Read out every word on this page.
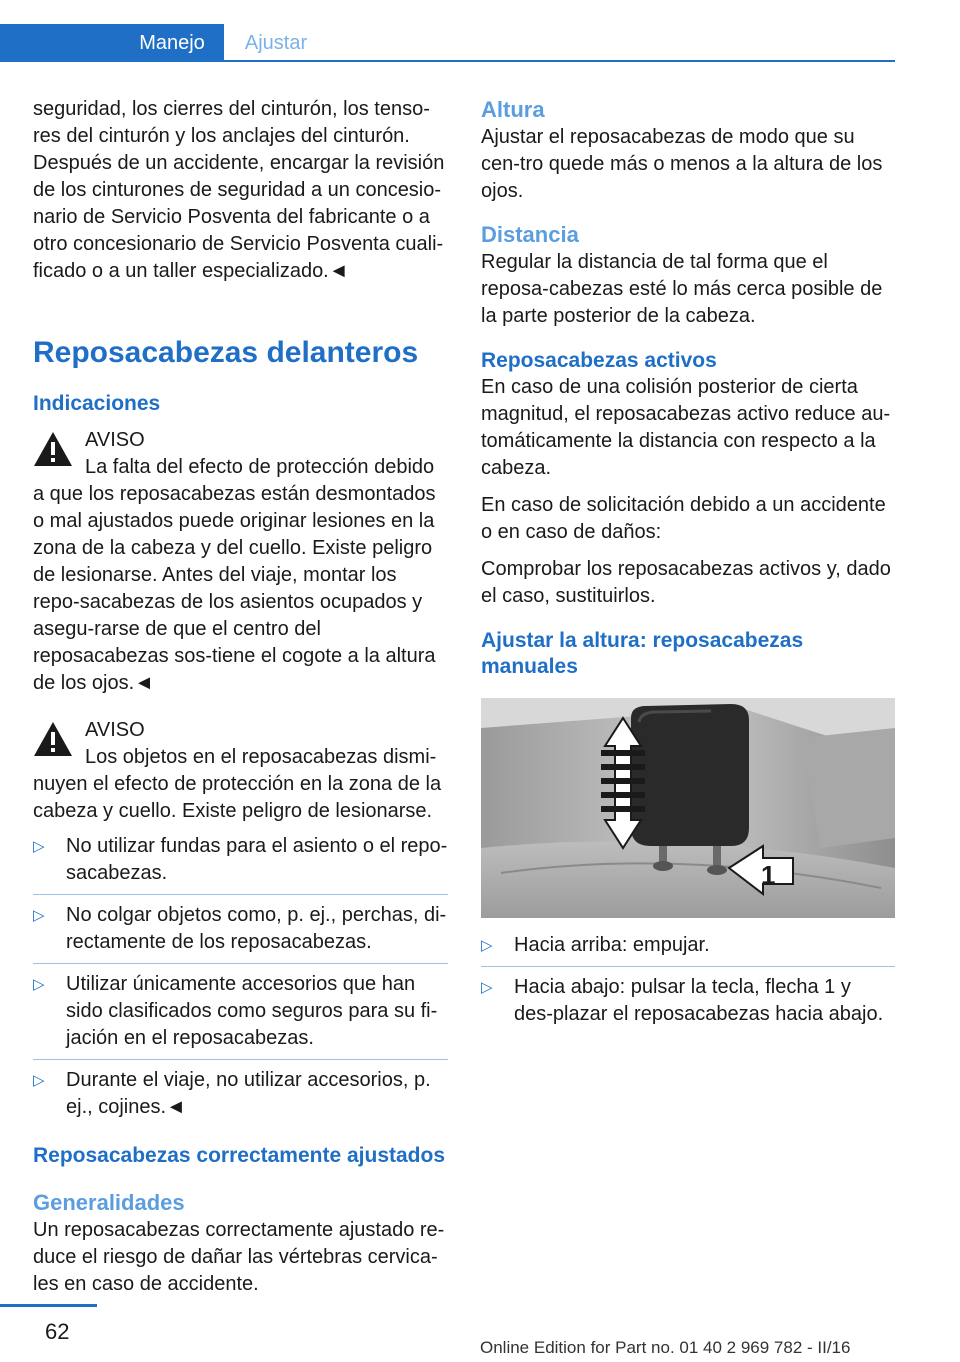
Manejo	Ajustar

seguridad, los cierres del cinturón, los tenso-res del cinturón y los anclajes del cinturón. Después de un accidente, encargar la revisión de los cinturones de seguridad a un concesio-nario de Servicio Posventa del fabricante o a otro concesionario de Servicio Posventa cuali-ficado o a un taller especializado.◄

Reposacabezas delanteros
Indicaciones

AVISO

La falta del efecto de protección debido a que los reposacabezas están desmontados o mal ajustados puede originar lesiones en la zona de la cabeza y del cuello. Existe peligro de lesionarse. Antes del viaje, montar los repo-sacabezas de los asientos ocupados y asegu-rarse de que el centro del reposacabezas sos-tiene el cogote a la altura de los ojos.◄

AVISO

Los objetos en el reposacabezas dismi-nuyen el efecto de protección en la zona de la cabeza y cuello. Existe peligro de lesionarse.

▷ No utilizar fundas para el asiento o el repo-sacabezas.
▷ No colgar objetos como, p. ej., perchas, di-rectamente de los reposacabezas.
▷ Utilizar únicamente accesorios que han sido clasificados como seguros para su fi-jación en el reposacabezas.
▷ Durante el viaje, no utilizar accesorios, p. ej., cojines.◄
Reposacabezas correctamente ajustados
Generalidades

Un reposacabezas correctamente ajustado re-duce el riesgo de dañar las vértebras cervica-les en caso de accidente.

Altura

Ajustar el reposacabezas de modo que su cen-tro quede más o menos a la altura de los ojos.

Distancia

Regular la distancia de tal forma que el reposa-cabezas esté lo más cerca posible de la parte posterior de la cabeza.

Reposacabezas activos

En caso de una colisión posterior de cierta magnitud, el reposacabezas activo reduce au-tomáticamente la distancia con respecto a la cabeza.

En caso de solicitación debido a un accidente o en caso de daños:

Comprobar los reposacabezas activos y, dado el caso, sustituirlos.

Ajustar la altura: reposacabezas manuales
1
▷ Hacia arriba: empujar.
▷ Hacia abajo: pulsar la tecla, flecha 1 y des-plazar el reposacabezas hacia abajo.
62
Online Edition for Part no. 01 40 2 969 782 - II/16
